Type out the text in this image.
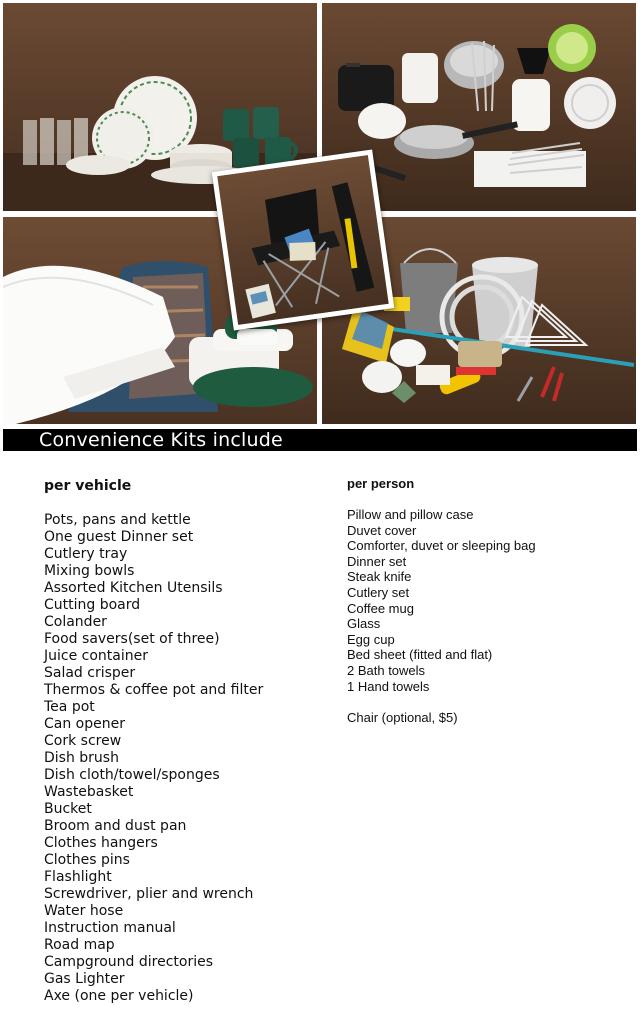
Convenience Kits include
per vehicle
Pots, pans and kettle
One guest Dinner set
Cutlery tray
Mixing bowls
Assorted Kitchen Utensils
Cutting board
Colander
Food savers(set of three)
Juice container
Salad crisper
Thermos & coffee pot and filter
Tea pot
Can opener
Cork screw
Dish brush
Dish cloth/towel/sponges
Wastebasket
Bucket
Broom and dust pan
Clothes hangers
Clothes pins
Flashlight
Screwdriver, plier and wrench
Water hose
Instruction manual
Road map
Campground directories
Gas Lighter
Axe (one per vehicle)
per person
Pillow and pillow case
Duvet cover
Comforter, duvet or sleeping bag
Dinner set
Steak knife
Cutlery set
Coffee mug
Glass
Egg cup
Bed sheet (fitted and flat)
2 Bath towels
1 Hand towels
Chair (optional, $5)
